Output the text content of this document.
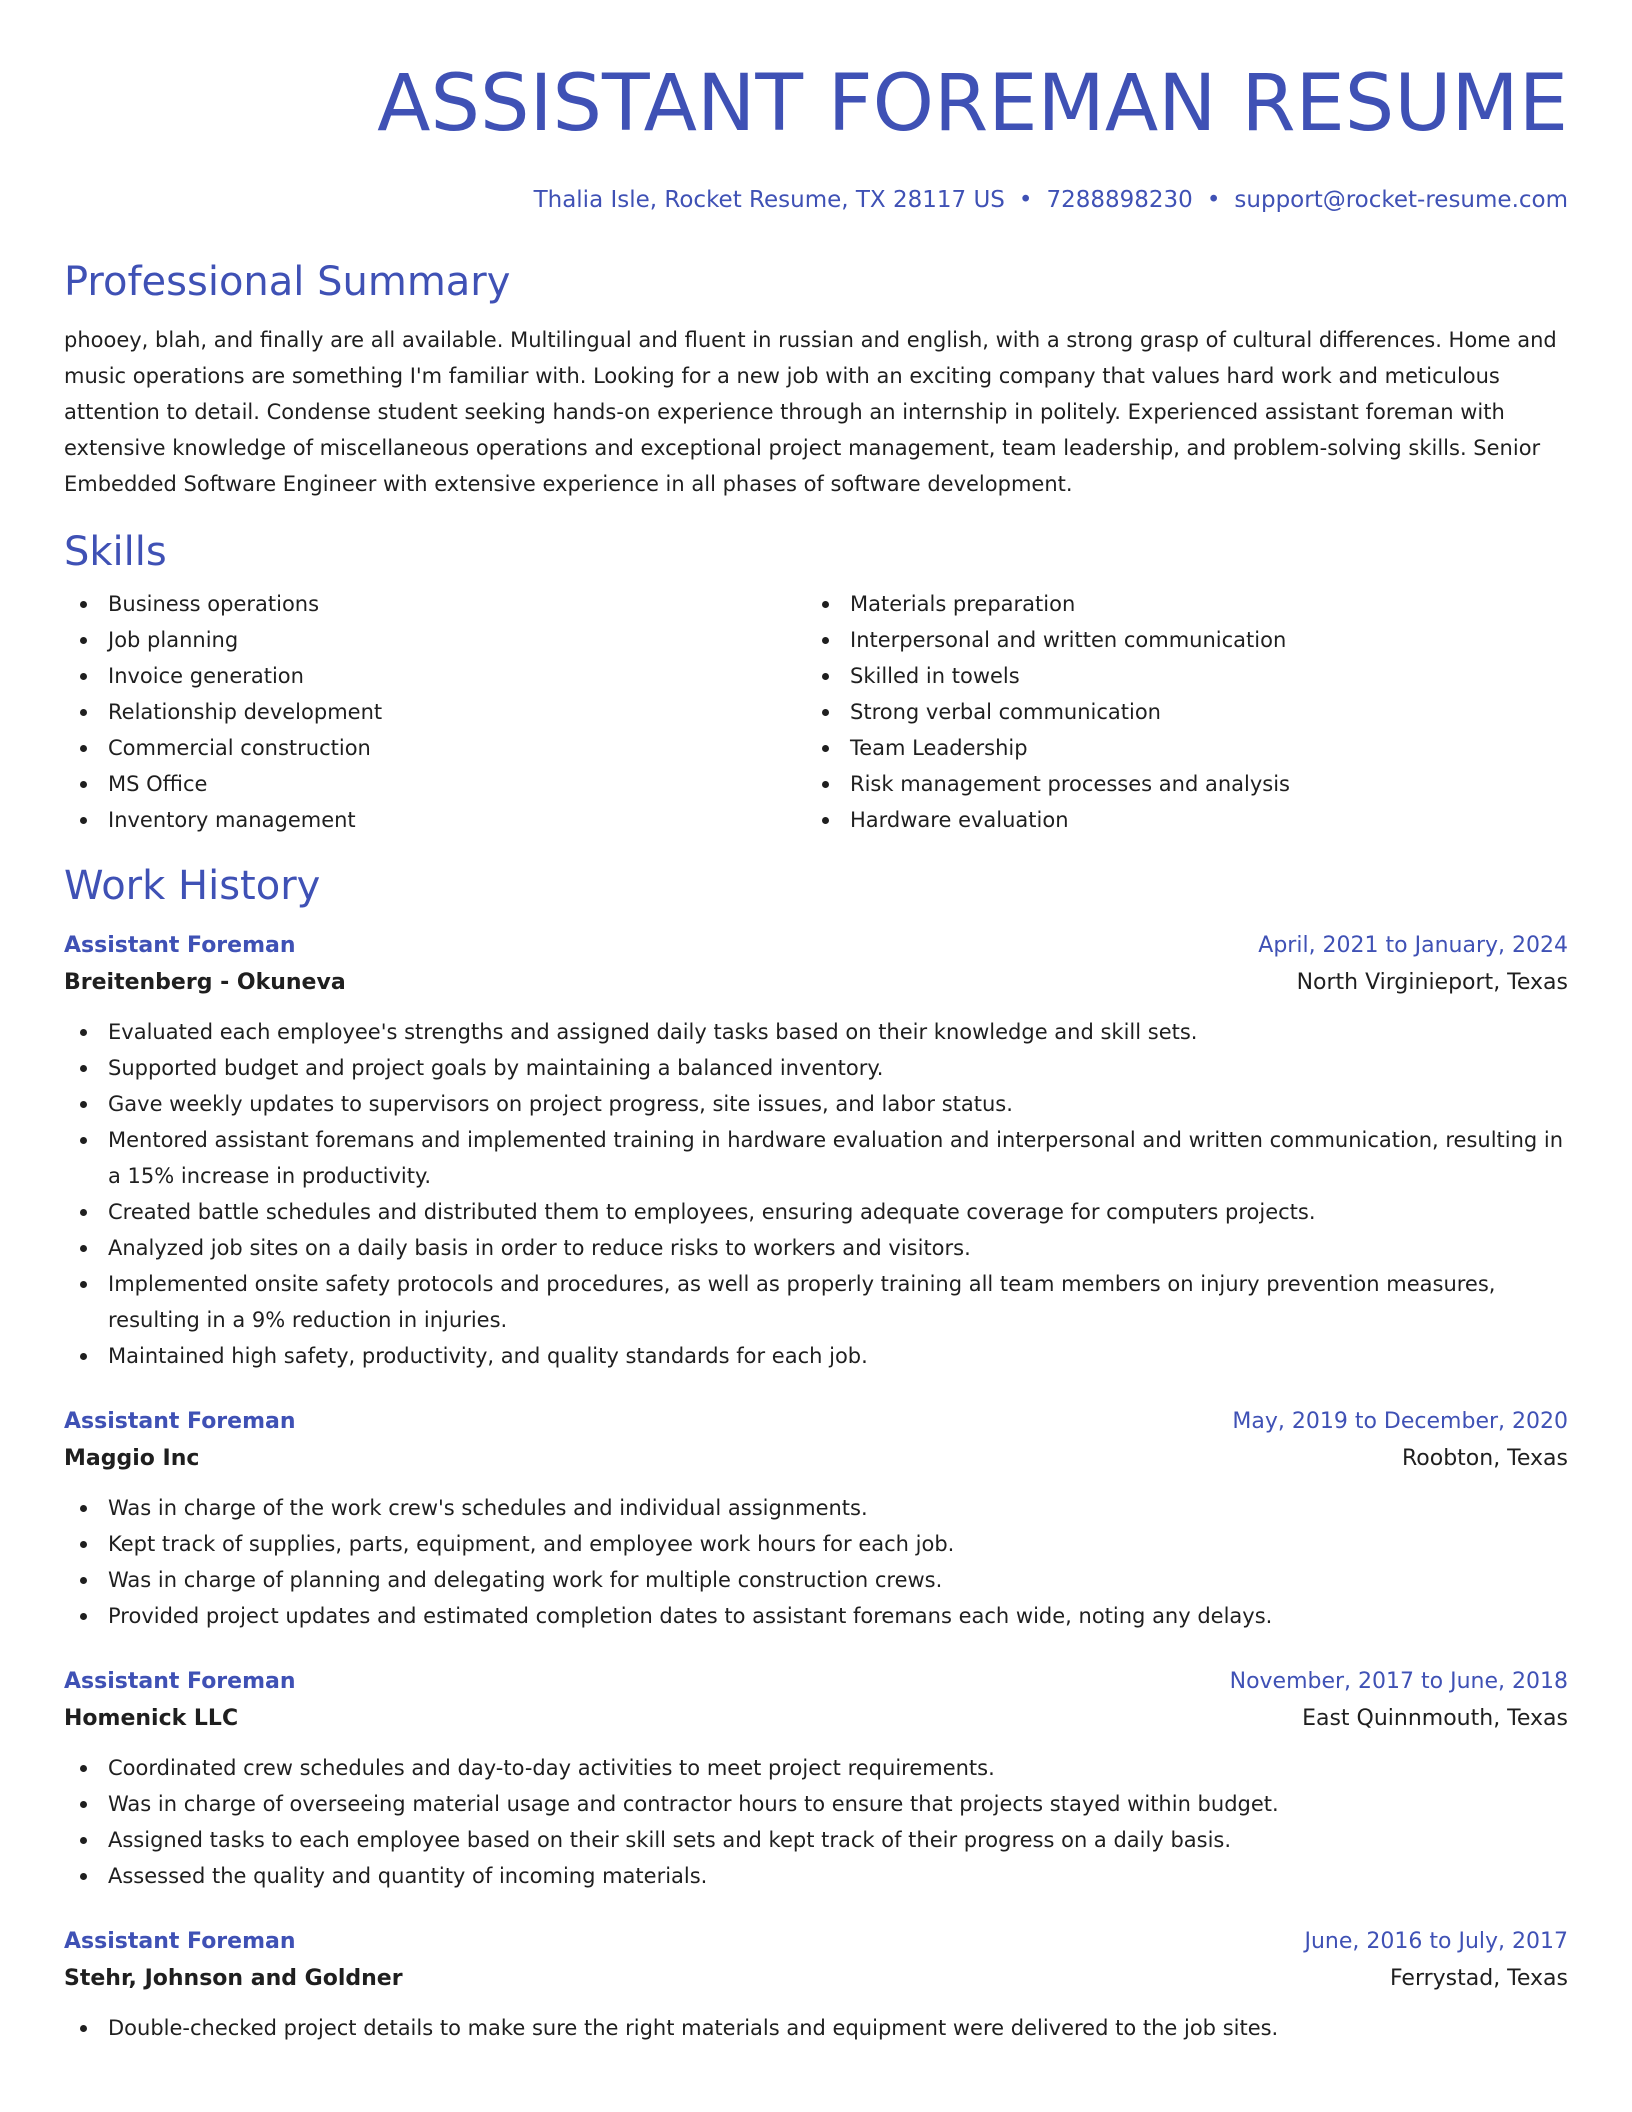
ASSISTANT FOREMAN RESUME
Thalia Isle, Rocket Resume, TX 28117 US • 7288898230 • support@rocket-resume.com
Professional Summary
phooey, blah, and finally are all available. Multilingual and fluent in russian and english, with a strong grasp of cultural differences. Home and music operations are something I'm familiar with. Looking for a new job with an exciting company that values hard work and meticulous attention to detail. Condense student seeking hands-on experience through an internship in politely. Experienced assistant foreman with extensive knowledge of miscellaneous operations and exceptional project management, team leadership, and problem-solving skills. Senior Embedded Software Engineer with extensive experience in all phases of software development.
Skills
Business operations
Job planning
Invoice generation
Relationship development
Commercial construction
MS Office
Inventory management
Materials preparation
Interpersonal and written communication
Skilled in towels
Strong verbal communication
Team Leadership
Risk management processes and analysis
Hardware evaluation
Work History
Assistant Foreman	April, 2021 to January, 2024
Breitenberg - Okuneva	North Virginieport, Texas
Evaluated each employee's strengths and assigned daily tasks based on their knowledge and skill sets.
Supported budget and project goals by maintaining a balanced inventory.
Gave weekly updates to supervisors on project progress, site issues, and labor status.
Mentored assistant foremans and implemented training in hardware evaluation and interpersonal and written communication, resulting in a 15% increase in productivity.
Created battle schedules and distributed them to employees, ensuring adequate coverage for computers projects.
Analyzed job sites on a daily basis in order to reduce risks to workers and visitors.
Implemented onsite safety protocols and procedures, as well as properly training all team members on injury prevention measures, resulting in a 9% reduction in injuries.
Maintained high safety, productivity, and quality standards for each job.
Assistant Foreman	May, 2019 to December, 2020
Maggio Inc	Roobton, Texas
Was in charge of the work crew's schedules and individual assignments.
Kept track of supplies, parts, equipment, and employee work hours for each job.
Was in charge of planning and delegating work for multiple construction crews.
Provided project updates and estimated completion dates to assistant foremans each wide, noting any delays.
Assistant Foreman	November, 2017 to June, 2018
Homenick LLC	East Quinnmouth, Texas
Coordinated crew schedules and day-to-day activities to meet project requirements.
Was in charge of overseeing material usage and contractor hours to ensure that projects stayed within budget.
Assigned tasks to each employee based on their skill sets and kept track of their progress on a daily basis.
Assessed the quality and quantity of incoming materials.
Assistant Foreman	June, 2016 to July, 2017
Stehr, Johnson and Goldner	Ferrystad, Texas
Double-checked project details to make sure the right materials and equipment were delivered to the job sites.
